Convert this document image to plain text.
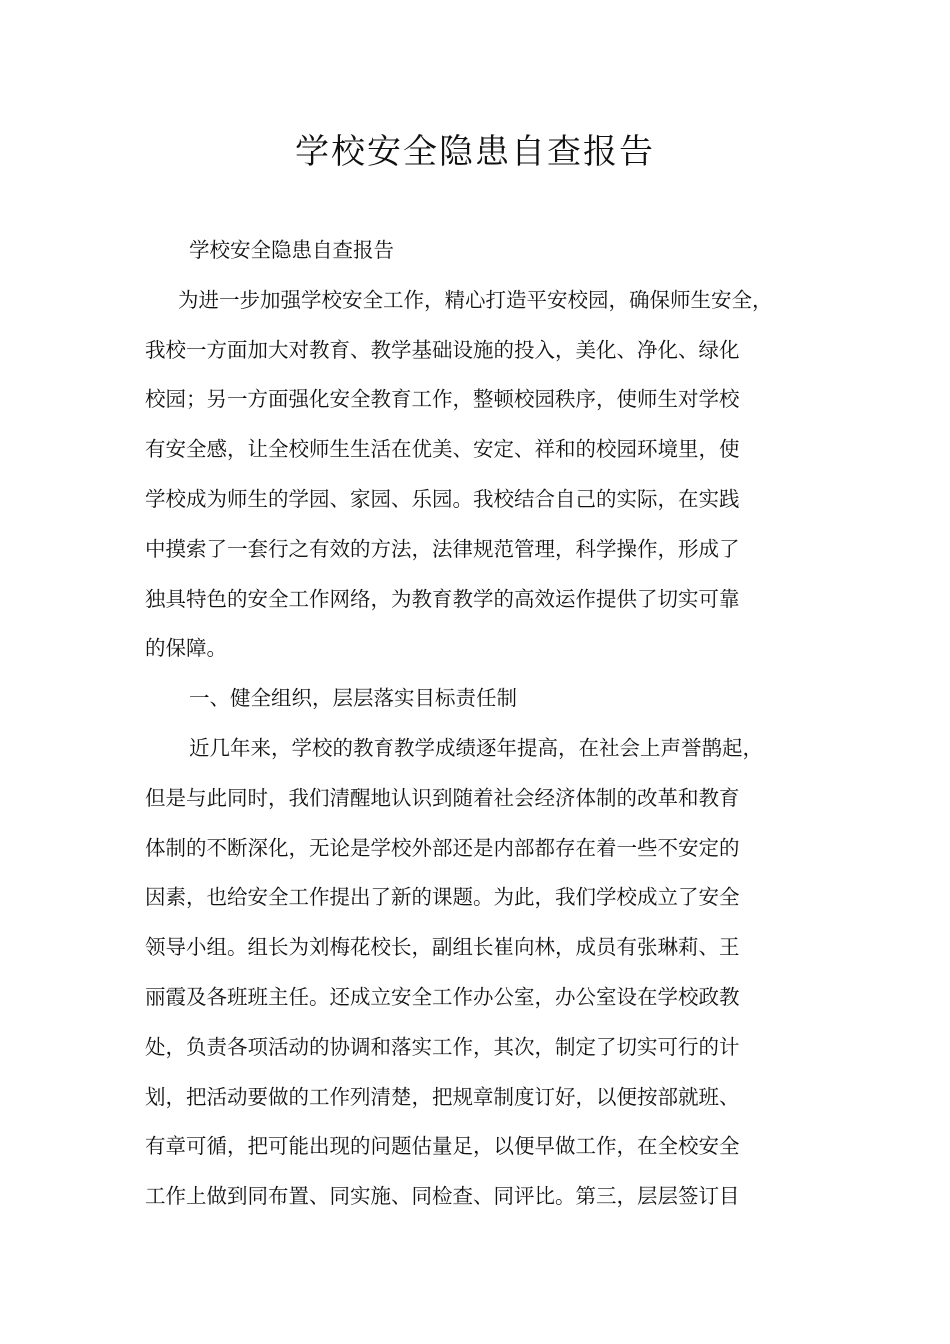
学校安全隐患自查报告
学校安全隐患自查报告
为进一步加强学校安全工作，精心打造平安校园，确保师生安全，
我校一方面加大对教育、教学基础设施的投入，美化、净化、绿化
校园；另一方面强化安全教育工作，整顿校园秩序，使师生对学校
有安全感，让全校师生生活在优美、安定、祥和的校园环境里，使
学校成为师生的学园、家园、乐园。我校结合自己的实际，在实践
中摸索了一套行之有效的方法，法律规范管理，科学操作，形成了
独具特色的安全工作网络，为教育教学的高效运作提供了切实可靠
的保障。
一、健全组织，层层落实目标责任制
近几年来，学校的教育教学成绩逐年提高，在社会上声誉鹊起，
但是与此同时，我们清醒地认识到随着社会经济体制的改革和教育
体制的不断深化，无论是学校外部还是内部都存在着一些不安定的
因素，也给安全工作提出了新的课题。为此，我们学校成立了安全
领导小组。组长为刘梅花校长，副组长崔向林，成员有张琳莉、王
丽霞及各班班主任。还成立安全工作办公室，办公室设在学校政教
处，负责各项活动的协调和落实工作，其次，制定了切实可行的计
划，把活动要做的工作列清楚，把规章制度订好，以便按部就班、
有章可循，把可能出现的问题估量足，以便早做工作，在全校安全
工作上做到同布置、同实施、同检查、同评比。第三，层层签订目
